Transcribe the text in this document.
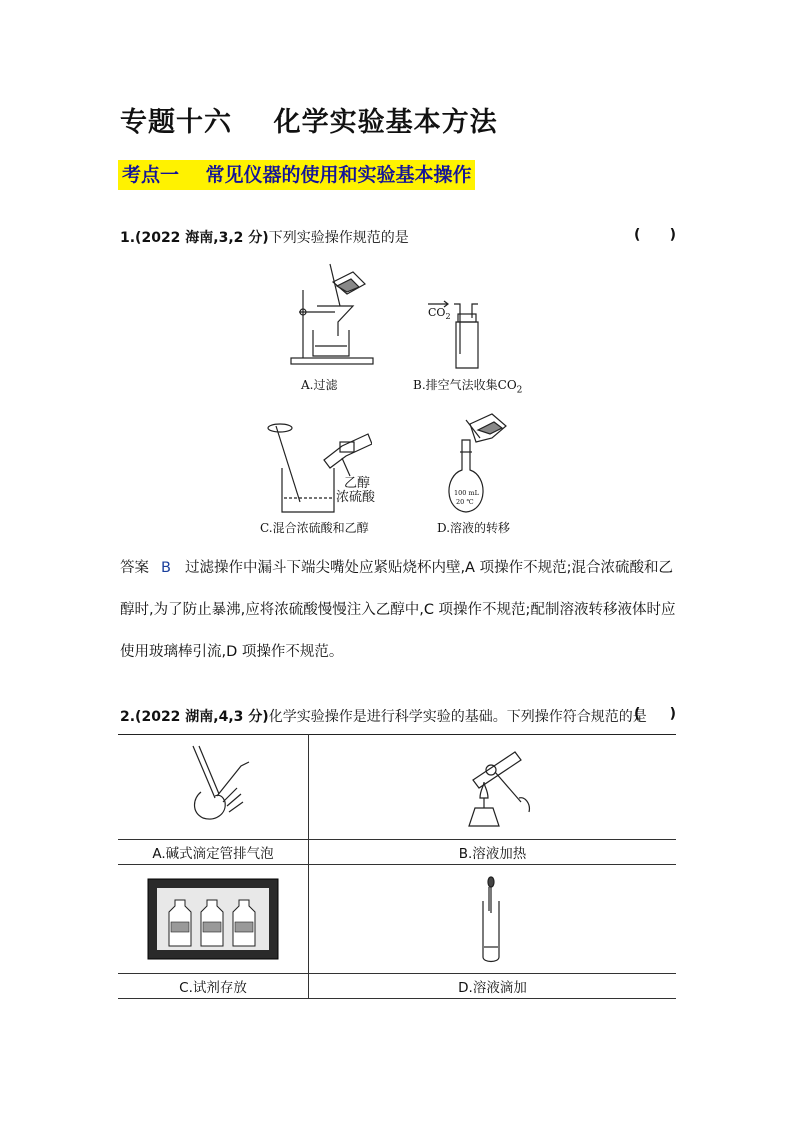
专题十六    化学实验基本方法
考点一    常见仪器的使用和实验基本操作
1.(2022 海南,3,2 分)下列实验操作规范的是	(      )
A.过滤
$CO_2$
B.排空气法收集$CO_2$
乙醇
浓硫酸
C.混合浓硫酸和乙醇
100 mL
20 ℃
D.溶液的转移
答案 B 过滤操作中漏斗下端尖嘴处应紧贴烧杯内壁,A 项操作不规范;混合浓硫酸和乙醇时,为了防止暴沸,应将浓硫酸慢慢注入乙醇中,C 项操作不规范;配制溶液转移液体时应使用玻璃棒引流,D 项操作不规范。
2.(2022 湖南,4,3 分)化学实验操作是进行科学实验的基础。下列操作符合规范的是
(      )

A.碱式滴定管排气泡	B.溶液加热

C.试剂存放	D.溶液滴加
